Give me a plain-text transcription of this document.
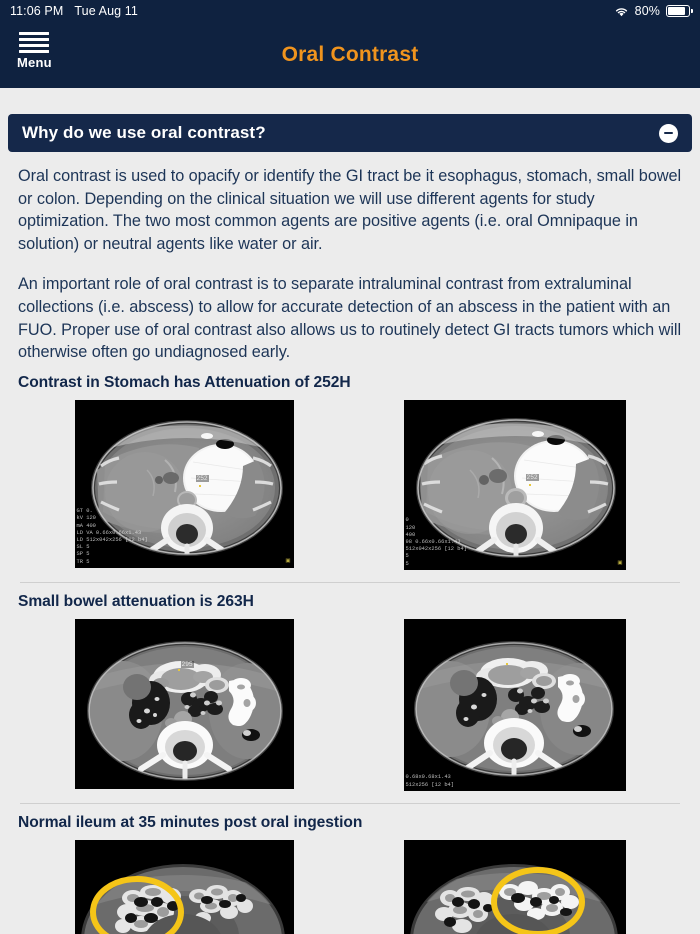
11:06 PM Tue Aug 11	80%
Menu	Oral Contrast
Why do we use oral contrast?

Oral contrast is used to opacify or identify the GI tract be it esophagus, stomach, small bowel or colon. Depending on the clinical situation we will use different agents for study optimization. The two most common agents are positive agents (i.e. oral Omnipaque in solution) or neutral agents like water or air.

An important role of oral contrast is to separate intraluminal contrast from extraluminal collections (i.e. abscess) to allow for accurate detection of an abscess in the patient with an FUO. Proper use of oral contrast also allows us to routinely detect GI tracts tumors which will otherwise often go undiagnosed early.

Contrast in Stomach has Attenuation of 252H
252
GT 0.
kV 120
mA 400
LD VA 0.66x0.66x1.43
LD 512x042x256 [12 b4]
SL 5
SP 5
TR 5	▣
252
0
120
400
98 0.66x0.66x1.43
512x042x256 [12 b4]
5
5	▣
Small bowel attenuation is 263H
295
0.68x0.68x1.43
512x256 [12 b4]
Normal ileum at 35 minutes post oral ingestion
